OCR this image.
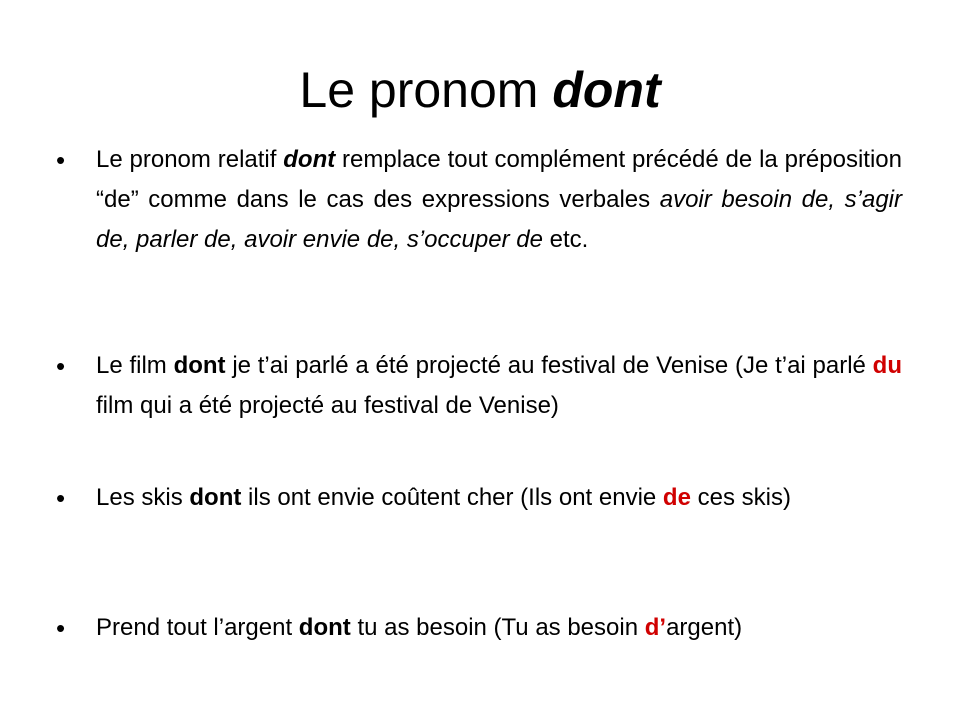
Le pronom dont
•	Le pronom relatif dont remplace tout complément précédé de la préposition “de” comme dans le cas des expressions verbales avoir besoin de, s’agir de, parler de, avoir envie de, s’occuper de etc.
•	Le film dont je t’ai parlé a été projecté au festival de Venise (Je t’ai parlé du film qui a été projecté au festival de Venise)
•	Les skis dont ils ont envie coûtent cher (Ils ont envie de ces skis)
•	Prend tout l’argent dont tu as besoin (Tu as besoin d’argent)
